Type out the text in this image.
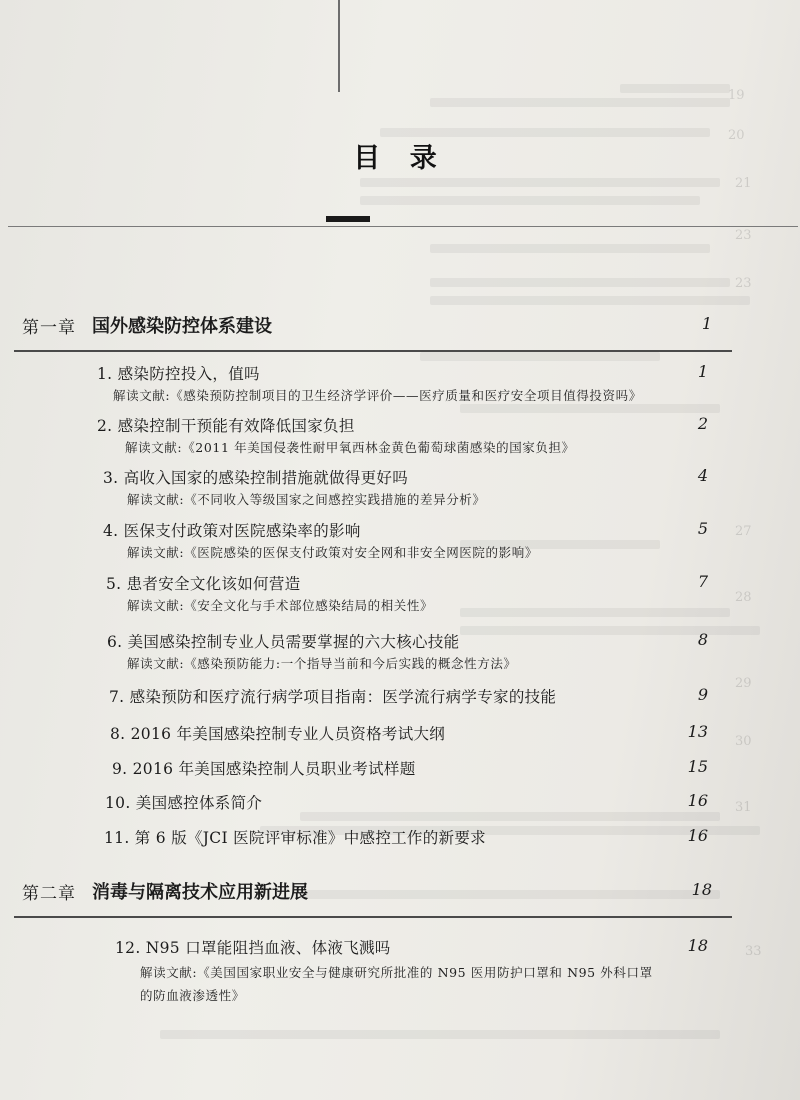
19
20
21
23
23
27
28
29
30
31
33
目 录
第一章 国外感染防控体系建设	1
1. 感染防控投入，值吗	1
解读文献:《感染预防控制项目的卫生经济学评价——医疗质量和医疗安全项目值得投资吗》
2. 感染控制干预能有效降低国家负担	2
解读文献:《2011 年美国侵袭性耐甲氧西林金黄色葡萄球菌感染的国家负担》
3. 高收入国家的感染控制措施就做得更好吗	4
解读文献:《不同收入等级国家之间感控实践措施的差异分析》
4. 医保支付政策对医院感染率的影响	5
解读文献:《医院感染的医保支付政策对安全网和非安全网医院的影响》
5. 患者安全文化该如何营造	7
解读文献:《安全文化与手术部位感染结局的相关性》
6. 美国感染控制专业人员需要掌握的六大核心技能	8
解读文献:《感染预防能力:一个指导当前和今后实践的概念性方法》
7. 感染预防和医疗流行病学项目指南：医学流行病学专家的技能	9
8. 2016 年美国感染控制专业人员资格考试大纲	13
9. 2016 年美国感染控制人员职业考试样题	15
10. 美国感控体系简介	16
11. 第 6 版《JCI 医院评审标准》中感控工作的新要求	16
第二章 消毒与隔离技术应用新进展	18
12. N95 口罩能阻挡血液、体液飞溅吗	18
解读文献:《美国国家职业安全与健康研究所批准的 N95 医用防护口罩和 N95 外科口罩
的防血液渗透性》
